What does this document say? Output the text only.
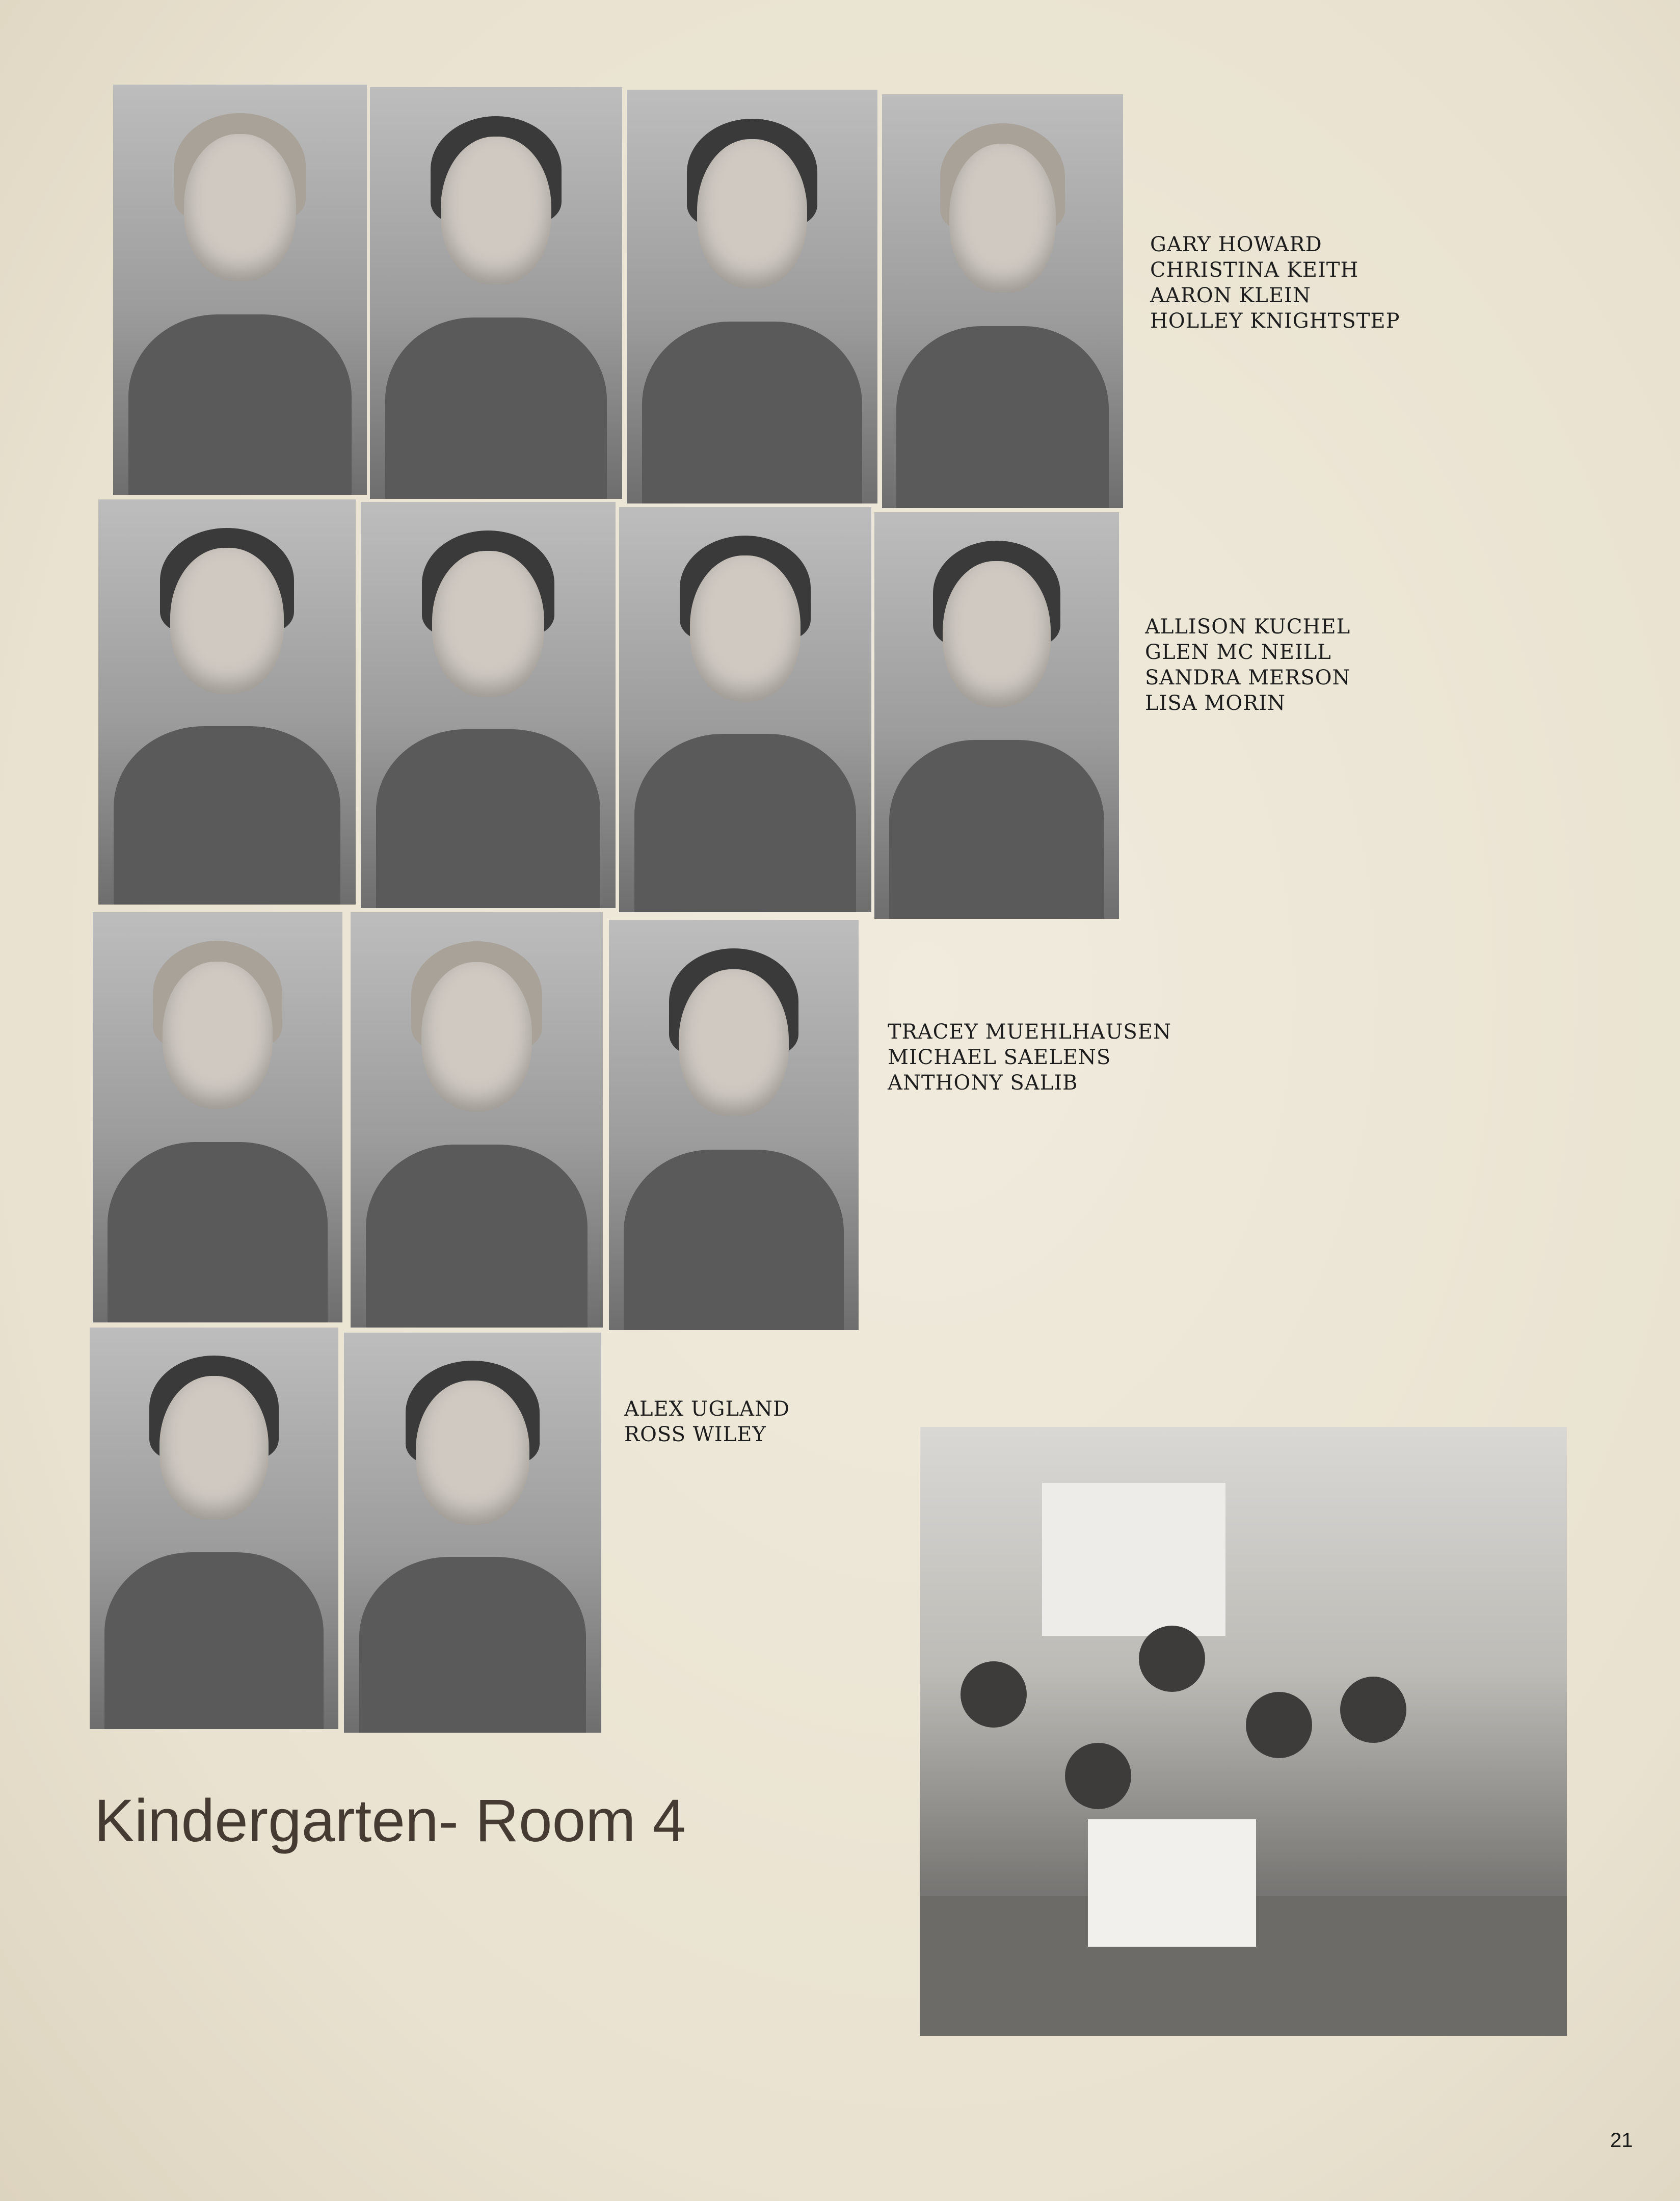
GARY HOWARD
CHRISTINA KEITH
AARON KLEIN
HOLLEY KNIGHTSTEP
ALLISON KUCHEL
GLEN MC NEILL
SANDRA MERSON
LISA MORIN
TRACEY MUEHLHAUSEN
MICHAEL SAELENS
ANTHONY SALIB
ALEX UGLAND
ROSS WILEY
Kindergarten- Room 4
21
